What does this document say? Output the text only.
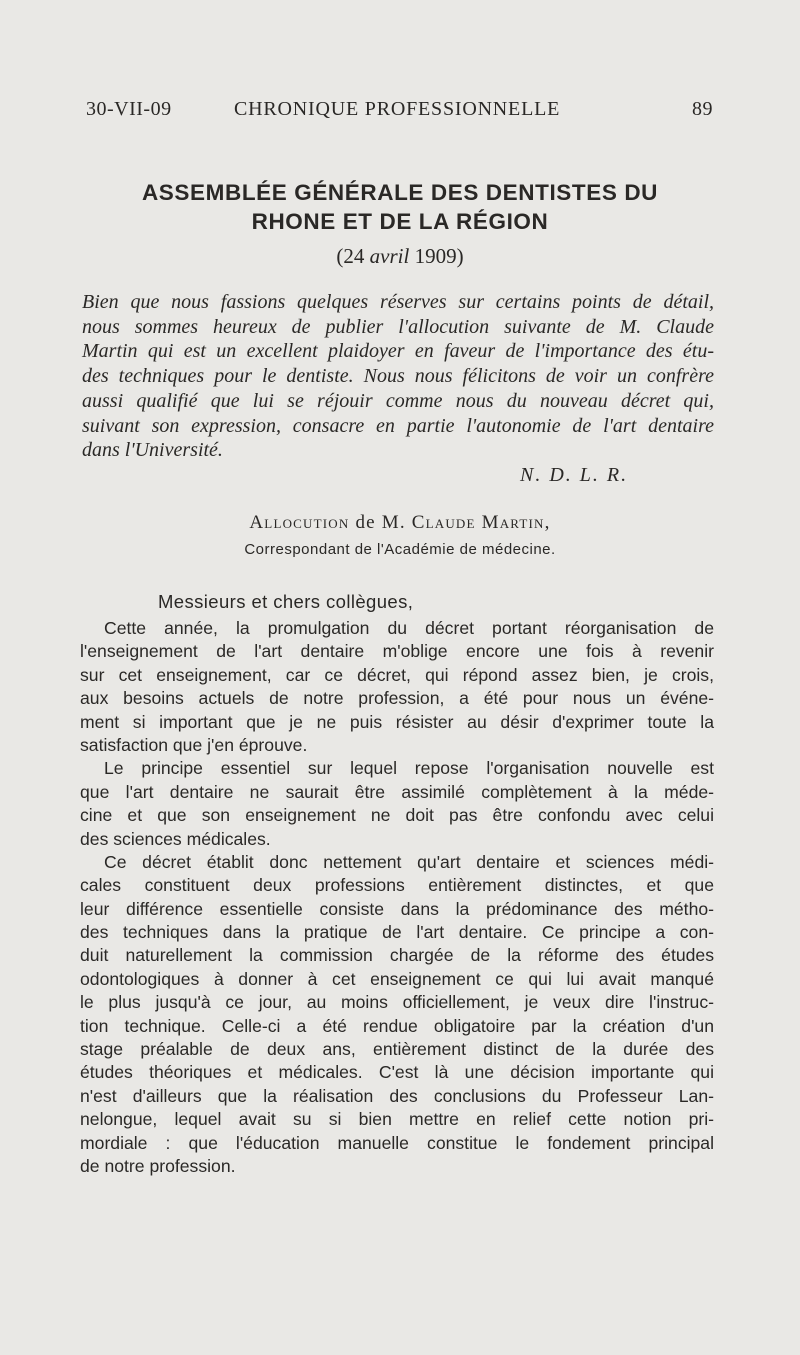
30-VII-09	CHRONIQUE PROFESSIONNELLE	89
ASSEMBLÉE GÉNÉRALE DES DENTISTES DU
RHONE ET DE LA RÉGION
(24 avril 1909)
Bien que nous fassions quelques réserves sur certains points de détail,
nous sommes heureux de publier l'allocution suivante de M. Claude
Martin qui est un excellent plaidoyer en faveur de l'importance des étu-
des techniques pour le dentiste. Nous nous félicitons de voir un confrère
aussi qualifié que lui se réjouir comme nous du nouveau décret qui,
suivant son expression, consacre en partie l'autonomie de l'art dentaire
dans l'Université.
N. D. L. R.
Allocution de M. Claude Martin,
Correspondant de l'Académie de médecine.
Messieurs et chers collègues,
Cette année, la promulgation du décret portant réorganisation de
l'enseignement de l'art dentaire m'oblige encore une fois à revenir
sur cet enseignement, car ce décret, qui répond assez bien, je crois,
aux besoins actuels de notre profession, a été pour nous un événe-
ment si important que je ne puis résister au désir d'exprimer toute la
satisfaction que j'en éprouve.
Le principe essentiel sur lequel repose l'organisation nouvelle est
que l'art dentaire ne saurait être assimilé complètement à la méde-
cine et que son enseignement ne doit pas être confondu avec celui
des sciences médicales.
Ce décret établit donc nettement qu'art dentaire et sciences médi-
cales constituent deux professions entièrement distinctes, et que
leur différence essentielle consiste dans la prédominance des métho-
des techniques dans la pratique de l'art dentaire. Ce principe a con-
duit naturellement la commission chargée de la réforme des études
odontologiques à donner à cet enseignement ce qui lui avait manqué
le plus jusqu'à ce jour, au moins officiellement, je veux dire l'instruc-
tion technique. Celle-ci a été rendue obligatoire par la création d'un
stage préalable de deux ans, entièrement distinct de la durée des
études théoriques et médicales. C'est là une décision importante qui
n'est d'ailleurs que la réalisation des conclusions du Professeur Lan-
nelongue, lequel avait su si bien mettre en relief cette notion pri-
mordiale : que l'éducation manuelle constitue le fondement principal
de notre profession.
